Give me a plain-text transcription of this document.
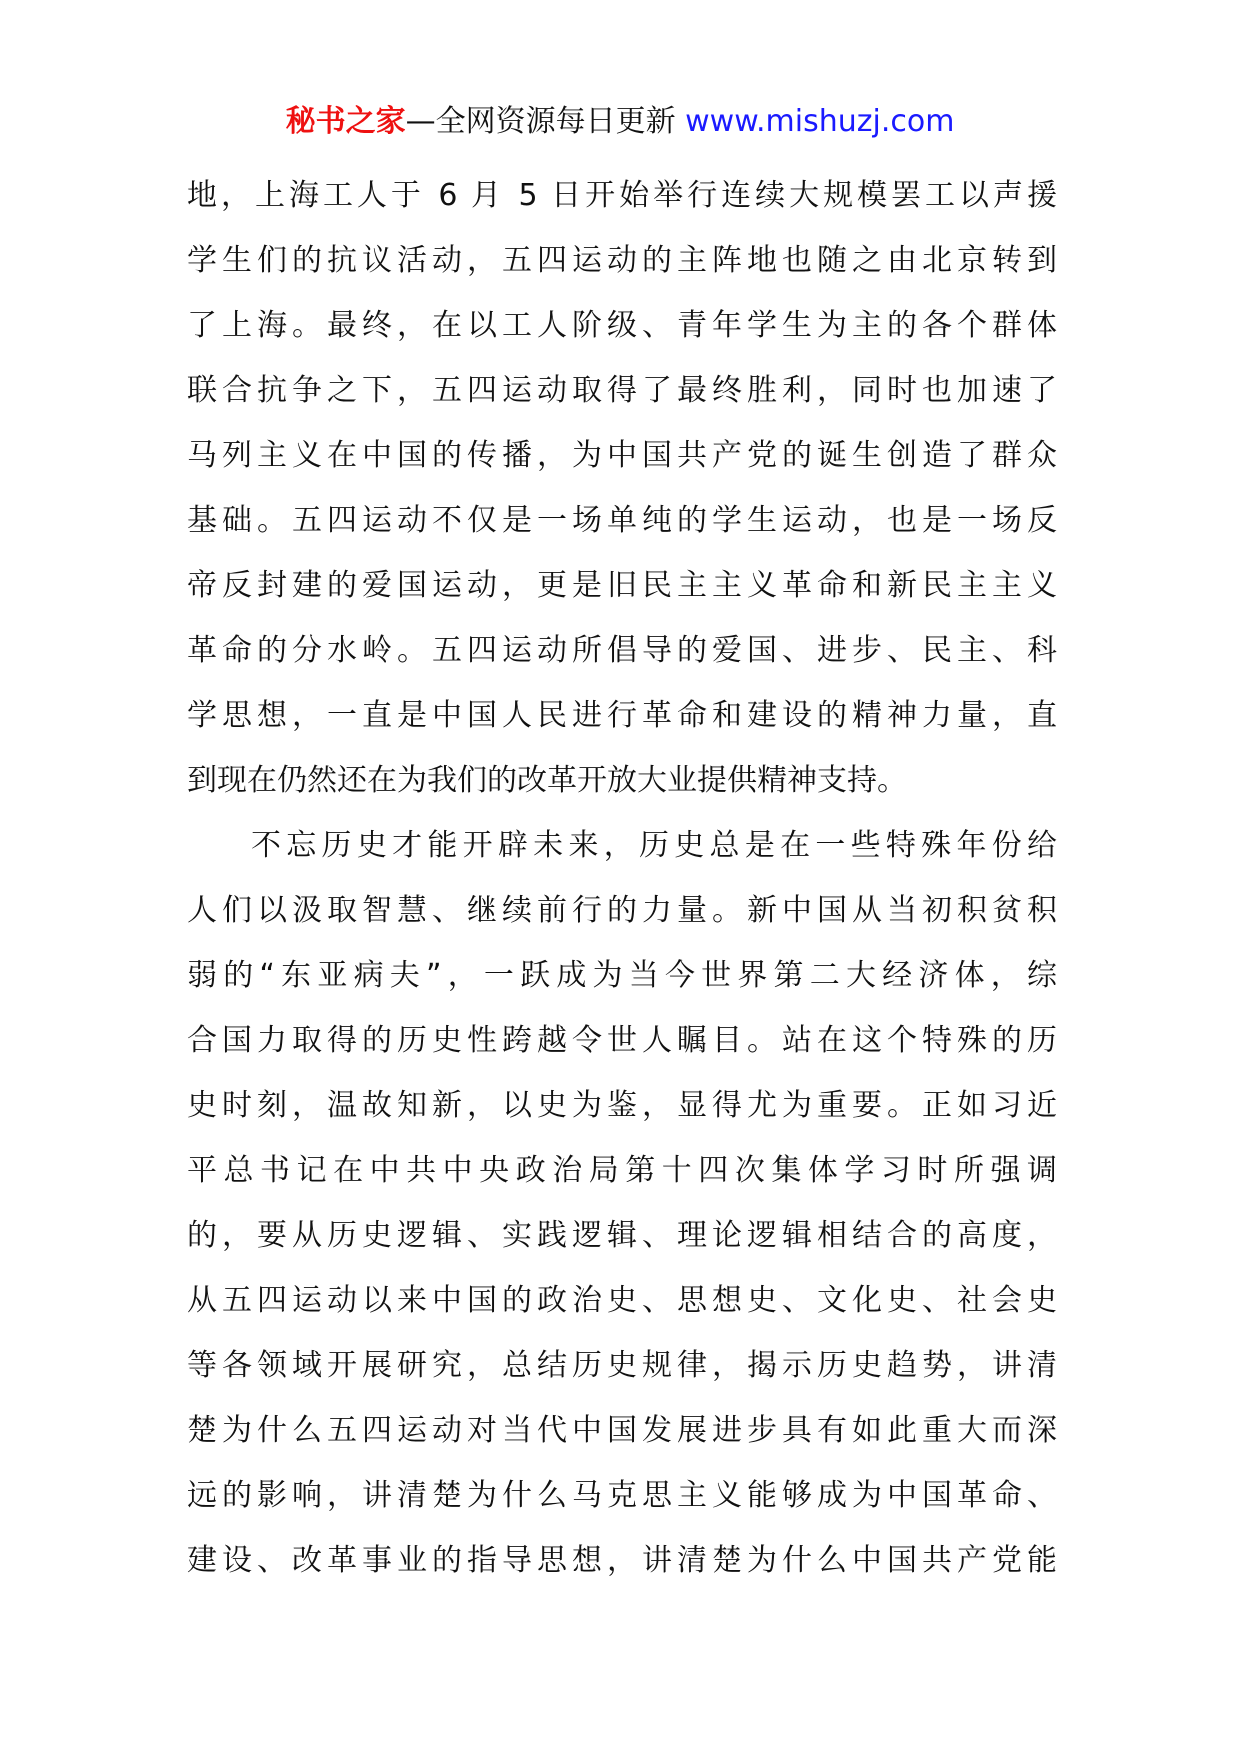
秘书之家—全网资源每日更新 www.mishuzj.com
地，上海工人于 6 月 5 日开始举行连续大规模罢工以声援
学生们的抗议活动，五四运动的主阵地也随之由北京转到
了上海。最终，在以工人阶级、青年学生为主的各个群体
联合抗争之下，五四运动取得了最终胜利，同时也加速了
马列主义在中国的传播，为中国共产党的诞生创造了群众
基础。五四运动不仅是一场单纯的学生运动，也是一场反
帝反封建的爱国运动，更是旧民主主义革命和新民主主义
革命的分水岭。五四运动所倡导的爱国、进步、民主、科
学思想，一直是中国人民进行革命和建设的精神力量，直
到现在仍然还在为我们的改革开放大业提供精神支持。
不忘历史才能开辟未来，历史总是在一些特殊年份给
人们以汲取智慧、继续前行的力量。新中国从当初积贫积
弱的“东亚病夫”，一跃成为当今世界第二大经济体，综
合国力取得的历史性跨越令世人瞩目。站在这个特殊的历
史时刻，温故知新，以史为鉴，显得尤为重要。正如习近
平总书记在中共中央政治局第十四次集体学习时所强调
的，要从历史逻辑、实践逻辑、理论逻辑相结合的高度，
从五四运动以来中国的政治史、思想史、文化史、社会史
等各领域开展研究，总结历史规律，揭示历史趋势，讲清
楚为什么五四运动对当代中国发展进步具有如此重大而深
远的影响，讲清楚为什么马克思主义能够成为中国革命、
建设、改革事业的指导思想，讲清楚为什么中国共产党能
